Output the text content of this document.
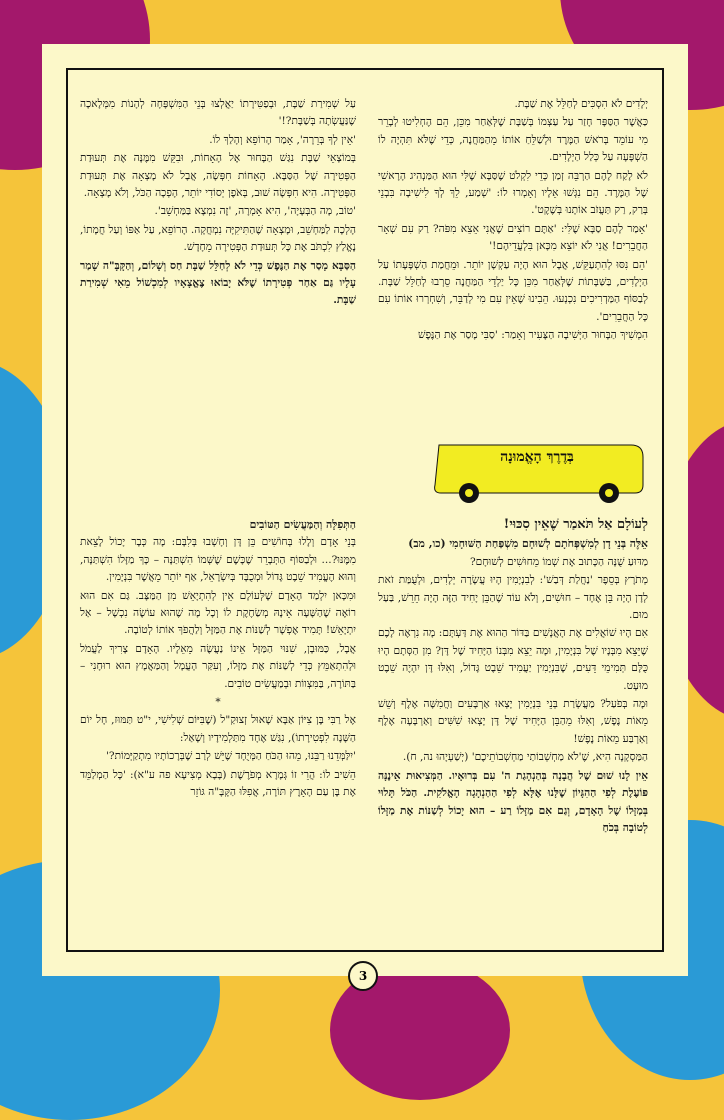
יְלָדִים לֹא הִסְכִּים לְחַלֵּל אֶת שַׁבָּת.

כַּאֲשֶׁר הַסַּפָּר חָזַר עַל עַצְמוֹ בְּשַׁבָּת שֶׁלְּאַחַר מִכֵּן, הֵם הֶחְלִיטוּ לְבָרֵר מִי עוֹמֵד בְּרֹאשׁ הַמֶּרֶד וּלְשַׁלֵּחַ אוֹתוֹ מֵהַמַּחֲנֶה, כְּדֵי שֶׁלֹּא תִּהְיֶה לוֹ הַשְׁפָּעָה עַל כְּלַל הַיְלָדִים.

לֹא לָקַח לָהֶם הַרְבֵּה זְמַן כְּדֵי לִקְלֹט שֶׁסַּבָּא שֶׁלִּי הוּא הַמַּנְהִיג הָרָאשִׁי שֶׁל הַמֶּרֶד. הֵם נִגְּשׁוּ אֵלָיו וְאָמְרוּ לוֹ: 'שְׁמַע, לֵךְ לְךָ לִישִׁיבָה בִּבְנֵי בְּרַק, רַק תַּעֲזֹב אוֹתָנוּ בְּשֶׁקֶט'.

'אָמַר לָהֶם סַבָּא שֶׁלִּי: 'אַתֶּם רוֹצִים שֶׁאֲנִי אֵצֵא מִפֹּה? רַק עִם שְׁאָר הַחֲבֵרִים! אֲנִי לֹא יוֹצֵא מִכָּאן בִּלְעֲדֵיהֶם!'

'הֵם נִסּוּ לְהִתְעַקֵּשׁ, אֲבָל הוּא הָיָה עַקְשָׁן יוֹתֵר. וּמֵחֲמַת הַשְׁפָּעָתוֹ עַל הַיְלָדִים, בַּשַּׁבָּתוֹת שֶׁלְּאַחַר מִכֵּן כָּל יַלְדֵי הַמַּחֲנֶה סֵרְבוּ לְחַלֵּל שַׁבָּת. לְבַסּוֹף הַמַּדְרִיכִים נִכְנְעוּ. הֵבִינוּ שֶׁאֵין עִם מִי לְדַבֵּר, וְשִׁחְרְרוּ אוֹתוֹ עִם כָּל הַחֲבֵרִים'.

הִמְשִׁיךְ הַבָּחוּר הַיְּשִׁיבָה הַצָּעִיר וְאָמַר: 'סַבִּי מָסַר אֶת הַנֶּפֶשׁ

עַל שְׁמִירַת שַׁבָּת, וּבְפַטִּירָתוֹ יַאֲלְצוּ בְּנֵי הַמִּשְׁפָּחָה לְהָנוֹת מִמְּלָאכָה שֶׁנַּעֲשְׂתָה בְּשַׁבָּת?!'

'אֵין לְךָ בְּרֵרָה', אָמַר הָרוֹפֵא וְהָלַךְ לוֹ.

בְּמוֹצָאֵי שַׁבָּת נִגַּשׁ הַבָּחוּר אֶל הָאָחוֹת, וּבִקֵּשׁ מִמֶּנָּה אֶת תְּעוּדַת הַפְּטִירָה שֶׁל הַסַּבָּא. הָאָחוֹת חִפְּשָׂה, אֲבָל לֹא מָצְאָה אֶת תְּעוּדַת הַפְּטִירָה. הִיא חִפְּשָׂה שׁוּב, בְּאֹפֶן יְסוֹדִי יוֹתֵר, הָפְכָה הַכֹּל, וְלֹא מָצְאָה.

'טוֹב, מָה הַבְּעָיָה', הִיא אָמְרָה, 'זֶה נִמְצָא בַּמַּחְשֵׁב'.

הָלְכָה לַמַּחְשֵׁב, וּמָצְאָה שֶׁהַתִּיקִיָּה נִמְחֲקָה. הָרוֹפֵא, עַל אַפּוֹ וְעַל חֲמָתוֹ, נֶאֱלַץ לִכְתֹּב אֶת כָּל תְּעוּדַת הַפְּטִירָה מֵחָדָשׁ.

הַסַּבָּא מָסַר אֶת הַנֶּפֶשׁ כְּדֵי לֹא לְחַלֵּל שַׁבָּת חַס וְשָׁלוֹם, וְהַקָּבָּ"ה שָׁמַר עָלָיו גַּם אַחַר פְּטִירָתוֹ שֶׁלֹּא יָבוֹאוּ צֶאֱצָאָיו לְמִכְשׁוֹל מֵאִי שְׁמִירַת שַׁבָּת.

בְּדֶרֶךְ הָאֱמוּנָה

לְעוֹלָם אַל תֹּאמַר שֶׁאֵין סִכּוּי!

אֵלֶּה בְּנֵי דָן לְמִשְׁפְּחֹתָם לְשׁוּחָם מִשְׁפַּחַת הַשּׁוּחָמִי (כו, מב)

מַדּוּעַ שֻׁנָּה הַכָּתוּב אֶת שְׁמוֹ מֵחוּשִׁים לְשׁוּחָם?

מְתֹרָץ בְּסֵפֶר 'נַחֲלַת דְּבַשׁ': לְבִנְיָמִין הָיוּ עֲשָׂרָה יְלָדִים, וּלְעֻמַּת זֹאת לְדָן הָיָה בֵּן אֶחָד – חוּשִׁים, וְלֹא עוֹד שֶׁהַבֵּן יָחִיד הַזֶּה הָיָה חֵרֵשׁ, בַּעַל מוּם.

אִם הָיוּ שׁוֹאֲלִים אֶת הָאֲנָשִׁים בַּדּוֹר הַהוּא אֶת דַּעְתָּם: מָה נִרְאֶה לָכֶם שֶׁיֵּצֵא מִבְּנָיו שֶׁל בִּנְיָמִין, וּמָה יֵצֵא מִבְּנוֹ הַיָּחִיד שֶׁל דָּן? מִן הַסְּתָם הָיוּ כֻּלָּם תְּמִימֵי דֵּעִים, שֶׁבִּנְיָמִין יַעֲמִיד שֵׁבֶט גָּדוֹל, וְאִלּוּ דָּן יִהְיֶה שֵׁבֶט מוּעָט.

וּמָה בְּפֹעַל? מַעֲשְׂרַת בְּנֵי בִּנְיָמִין יָצְאוּ אַרְבָּעִים וַחֲמִשָּׁה אֶלֶף וְשֵׁשׁ מֵאוֹת נֶפֶשׁ, וְאִלּוּ מֵהַבֵּן הַיָּחִיד שֶׁל דָּן יָצְאוּ שִׁשִּׁים וְאַרְבָּעָה אֶלֶף וְאַרְבַּע מֵאוֹת נֶפֶשׁ!

הַמַּסְקָנָה הִיא, שֶׁ'לֹא מַחְשְׁבוֹתַי מַחְשְׁבוֹתֵיכֶם' (יְשַׁעְיָהוּ נה, ח).

אֵין לָנוּ שׁוּם שֶׁל הֲבָנָה בְּהַנְהָגַת ה' עִם בְּרוּאָיו. הַמְּצִיאוּת אֵינֶנָּה פּוֹעֶלֶת לְפִי הַהִגָּיוֹן שֶׁלָּנוּ אֶלָּא לְפִי הַהַנְהָגָה הָאֱלֹקִית. הַכֹּל תָּלוּי בְּמַזָּלוֹ שֶׁל הָאָדָם, וְגַם אִם מַזָּלוֹ רַע – הוּא יָכוֹל לְשַׁנּוֹת אֶת מַזָּלוֹ לְטוֹבָה בְּכֹחַ

הַתְּפִלָּה וְהַמַּעֲשִׂים הַטּוֹבִים

בְּנֵי אָדָם וְלָלוּ בְּחוֹשִׁים בֵּן דָּן וְחָשְׁבוּ בְּלִבָּם: מָה כְּבָר יָכוֹל לָצֵאת מִמֶּנּוּ?... וּלְבַסּוֹף הַתְּבָרֵר שֶׁכָּשֶׁם שֶׁשְּׁמוֹ הִשְׁתַּנָּה – כָּךְ מַזָּלוֹ הִשְׁתַּנָּה, וְהוּא הֶעֱמִיד שֵׁבֶט גָּדוֹל וּמְכֻבָּד בְּיִשְׂרָאֵל, אַף יוֹתֵר מֵאֲשֶׁר בִּנְיָמִין.

וּמִכָּאן יִלְמַד הָאָדָם שֶׁלְּעוֹלָם אֵין לְהִתְיָאֵשׁ מִן הַמַּצָּב. גַּם אִם הוּא רוֹאֶה שֶׁהַשָּׁעָה אֵינָהּ מְשַׂחֶקֶת לוֹ וְכָל מָה שֶׁהוּא עוֹשֶׂה נִכְשָׁל – אַל יִתְיָאֵשׁ! תָּמִיד אֶפְשָׁר לְשַׁנּוֹת אֶת הַמַּזָּל וְלַהֲפֹךְ אוֹתוֹ לְטוֹבָה.

אֲבָל, כַּמּוּבָן, שִׁנּוּי הַמַּזָּל אֵינוֹ נַעֲשֶׂה מֵאֵלָיו. הָאָדָם צָרִיךְ לַעֲמֹל וּלְהִתְאַמֵּץ כְּדֵי לְשַׁנּוֹת אֶת מַזָּלוֹ, וְעִקַּר הָעֲמָל וְהַמַּאֲמָץ הוּא רוּחָנִי – בַּתּוֹרָה, בַּמִּצְווֹת וּבְמַעֲשִׂים טוֹבִים.

*

אֶל רַבִּי בֶּן צִיּוֹן אַבָּא שָׁאוּל זְצוּקַ"ל (שֶׁבִּיּוֹם שְׁלִישִׁי, י"ט תַּמּוּז, חָל יוֹם הַשָּׁנָה לִפְטִירָתוֹ), נִגַּשׁ אֶחָד מִתַּלְמִידָיו וְשָׁאַל:

'יִלַּמְּדֵנוּ רַבֵּנוּ, מֵהוּ הַכֹּחַ הַמְּיֻחָד שֶׁיֵּשׁ לְרַב שֶׁבְּרָכוֹתָיו מִתְקַיְּמוֹת?'

הֵשִׁיב לוֹ: הֲרֵי זוֹ גְּמָרָא מְפֹרֶשֶׁת (בָּבָא מְצִיעָא פה ע"א): 'כָּל הַמְלַמֵּד אֶת בֶּן עַם הָאָרֶץ תּוֹרָה, אֲפִלּוּ הַקָּבָּ"ה גּוֹזֵר

3
